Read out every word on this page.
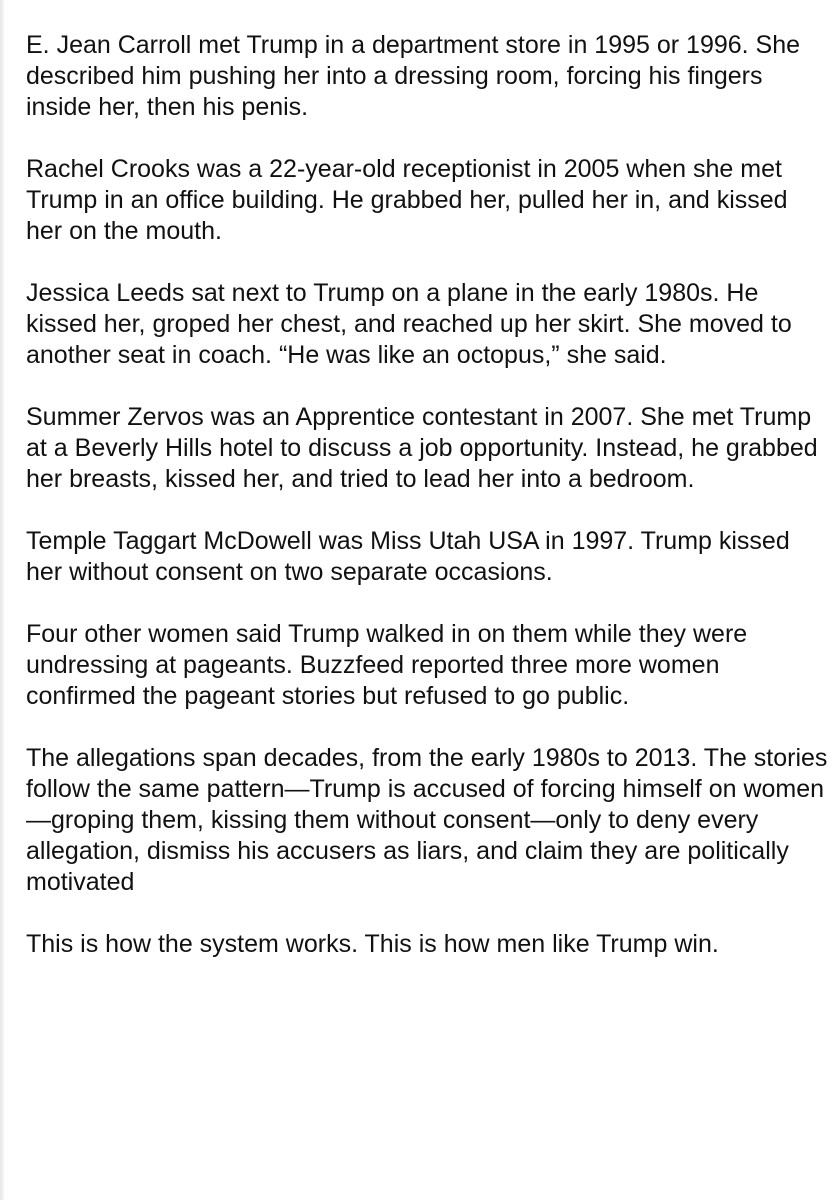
E. Jean Carroll met Trump in a department store in 1995 or 1996. She described him pushing her into a dressing room, forcing his fingers inside her, then his penis.

Rachel Crooks was a 22-year-old receptionist in 2005 when she met Trump in an office building. He grabbed her, pulled her in, and kissed her on the mouth.

Jessica Leeds sat next to Trump on a plane in the early 1980s. He kissed her, groped her chest, and reached up her skirt. She moved to another seat in coach. “He was like an octopus,” she said.

Summer Zervos was an Apprentice contestant in 2007. She met Trump at a Beverly Hills hotel to discuss a job opportunity. Instead, he grabbed her breasts, kissed her, and tried to lead her into a bedroom.

Temple Taggart McDowell was Miss Utah USA in 1997. Trump kissed her without consent on two separate occasions.

Four other women said Trump walked in on them while they were undressing at pageants. Buzzfeed reported three more women confirmed the pageant stories but refused to go public.

The allegations span decades, from the early 1980s to 2013. The stories follow the same pattern—Trump is accused of forcing himself on women—groping them, kissing them without consent—only to deny every allegation, dismiss his accusers as liars, and claim they are politically motivated

This is how the system works. This is how men like Trump win.
